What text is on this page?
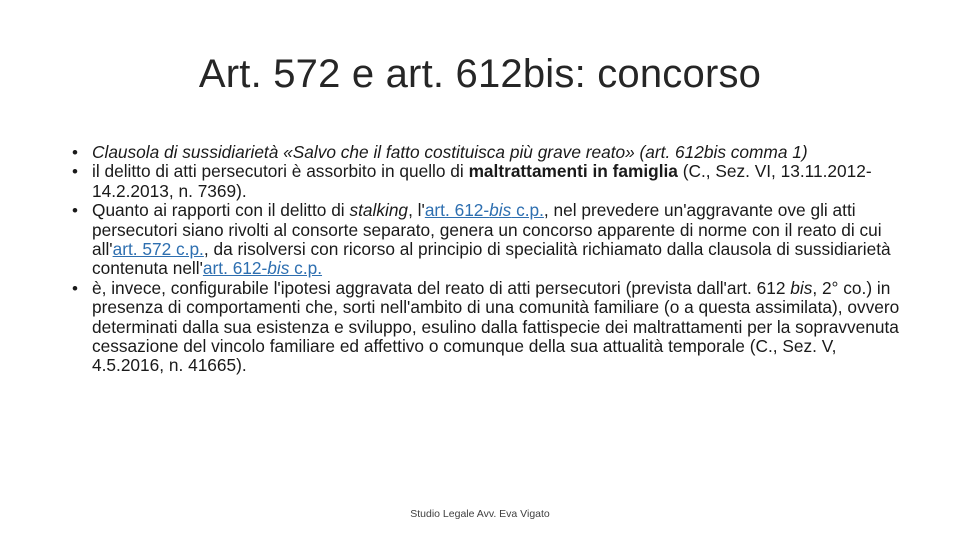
Art. 572 e art. 612bis: concorso
• Clausola di sussidiarietà «Salvo che il fatto costituisca più grave reato» (art. 612bis comma 1)
• il delitto di atti persecutori è assorbito in quello di maltrattamenti in famiglia (C., Sez. VI, 13.11.2012-14.2.2013, n. 7369).
• Quanto ai rapporti con il delitto di stalking, l'art. 612-bis c.p., nel prevedere un'aggravante ove gli atti persecutori siano rivolti al consorte separato, genera un concorso apparente di norme con il reato di cui all'art. 572 c.p., da risolversi con ricorso al principio di specialità richiamato dalla clausola di sussidiarietà contenuta nell'art. 612-bis c.p.
• è, invece, configurabile l'ipotesi aggravata del reato di atti persecutori (prevista dall'art. 612 bis, 2° co.) in presenza di comportamenti che, sorti nell'ambito di una comunità familiare (o a questa assimilata), ovvero determinati dalla sua esistenza e sviluppo, esulino dalla fattispecie dei maltrattamenti per la sopravvenuta cessazione del vincolo familiare ed affettivo o comunque della sua attualità temporale (C., Sez. V, 4.5.2016, n. 41665).
Studio Legale Avv. Eva Vigato
